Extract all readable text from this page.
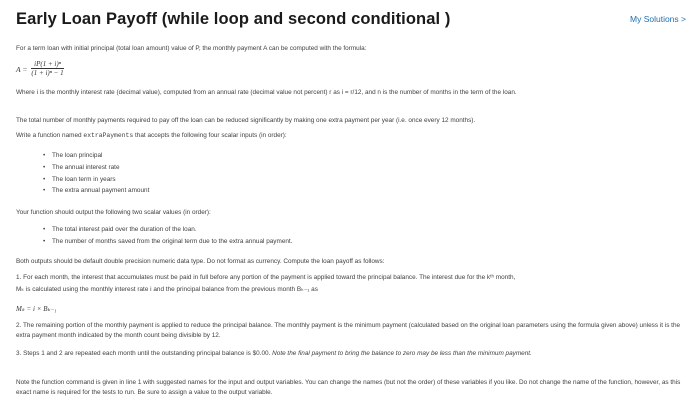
Early Loan Payoff (while loop and second conditional )	My Solutions >

For a term loan with initial principal (total loan amount) value of P, the monthly payment A can be computed with the formula:

$A = \frac{\text{iP(1 + i)ⁿ}}{\text{(1 + i)ⁿ − 1}}$

Where i is the monthly interest rate (decimal value), computed from an annual rate (decimal value not percent) r as i = r/12, and n is the number of months in the term of the loan.

The total number of monthly payments required to pay off the loan can be reduced significantly by making one extra payment per year (i.e. once every 12 months).

Write a function named extraPayments that accepts the following four scalar inputs (in order):

• The loan principal
• The annual interest rate
• The loan term in years
• The extra annual payment amount

Your function should output the following two scalar values (in order):

• The total interest paid over the duration of the loan.
• The number of months saved from the original term due to the extra annual payment.

Both outputs should be default double precision numeric data type. Do not format as currency. Compute the loan payoff as follows:

1. For each month, the interest that accumulates must be paid in full before any portion of the payment is applied toward the principal balance. The interest due for the kᵗʰ month,

Mₖ is calculated using the monthly interest rate i and the principal balance from the previous month Bₖ₋₁ as

Mₖ = i × Bₖ₋₁

2. The remaining portion of the monthly payment is applied to reduce the principal balance. The monthly payment is the minimum payment (calculated based on the original loan parameters using the formula given above) unless it is the extra payment month indicated by the month count being divisible by 12.

3. Steps 1 and 2 are repeated each month until the outstanding principal balance is $0.00. Note the final payment to bring the balance to zero may be less than the minimum payment.

Note the function command is given in line 1 with suggested names for the input and output variables. You can change the names (but not the order) of these variables if you like. Do not change the name of the function, however, as this exact name is required for the tests to run. Be sure to assign a value to the output variable.
